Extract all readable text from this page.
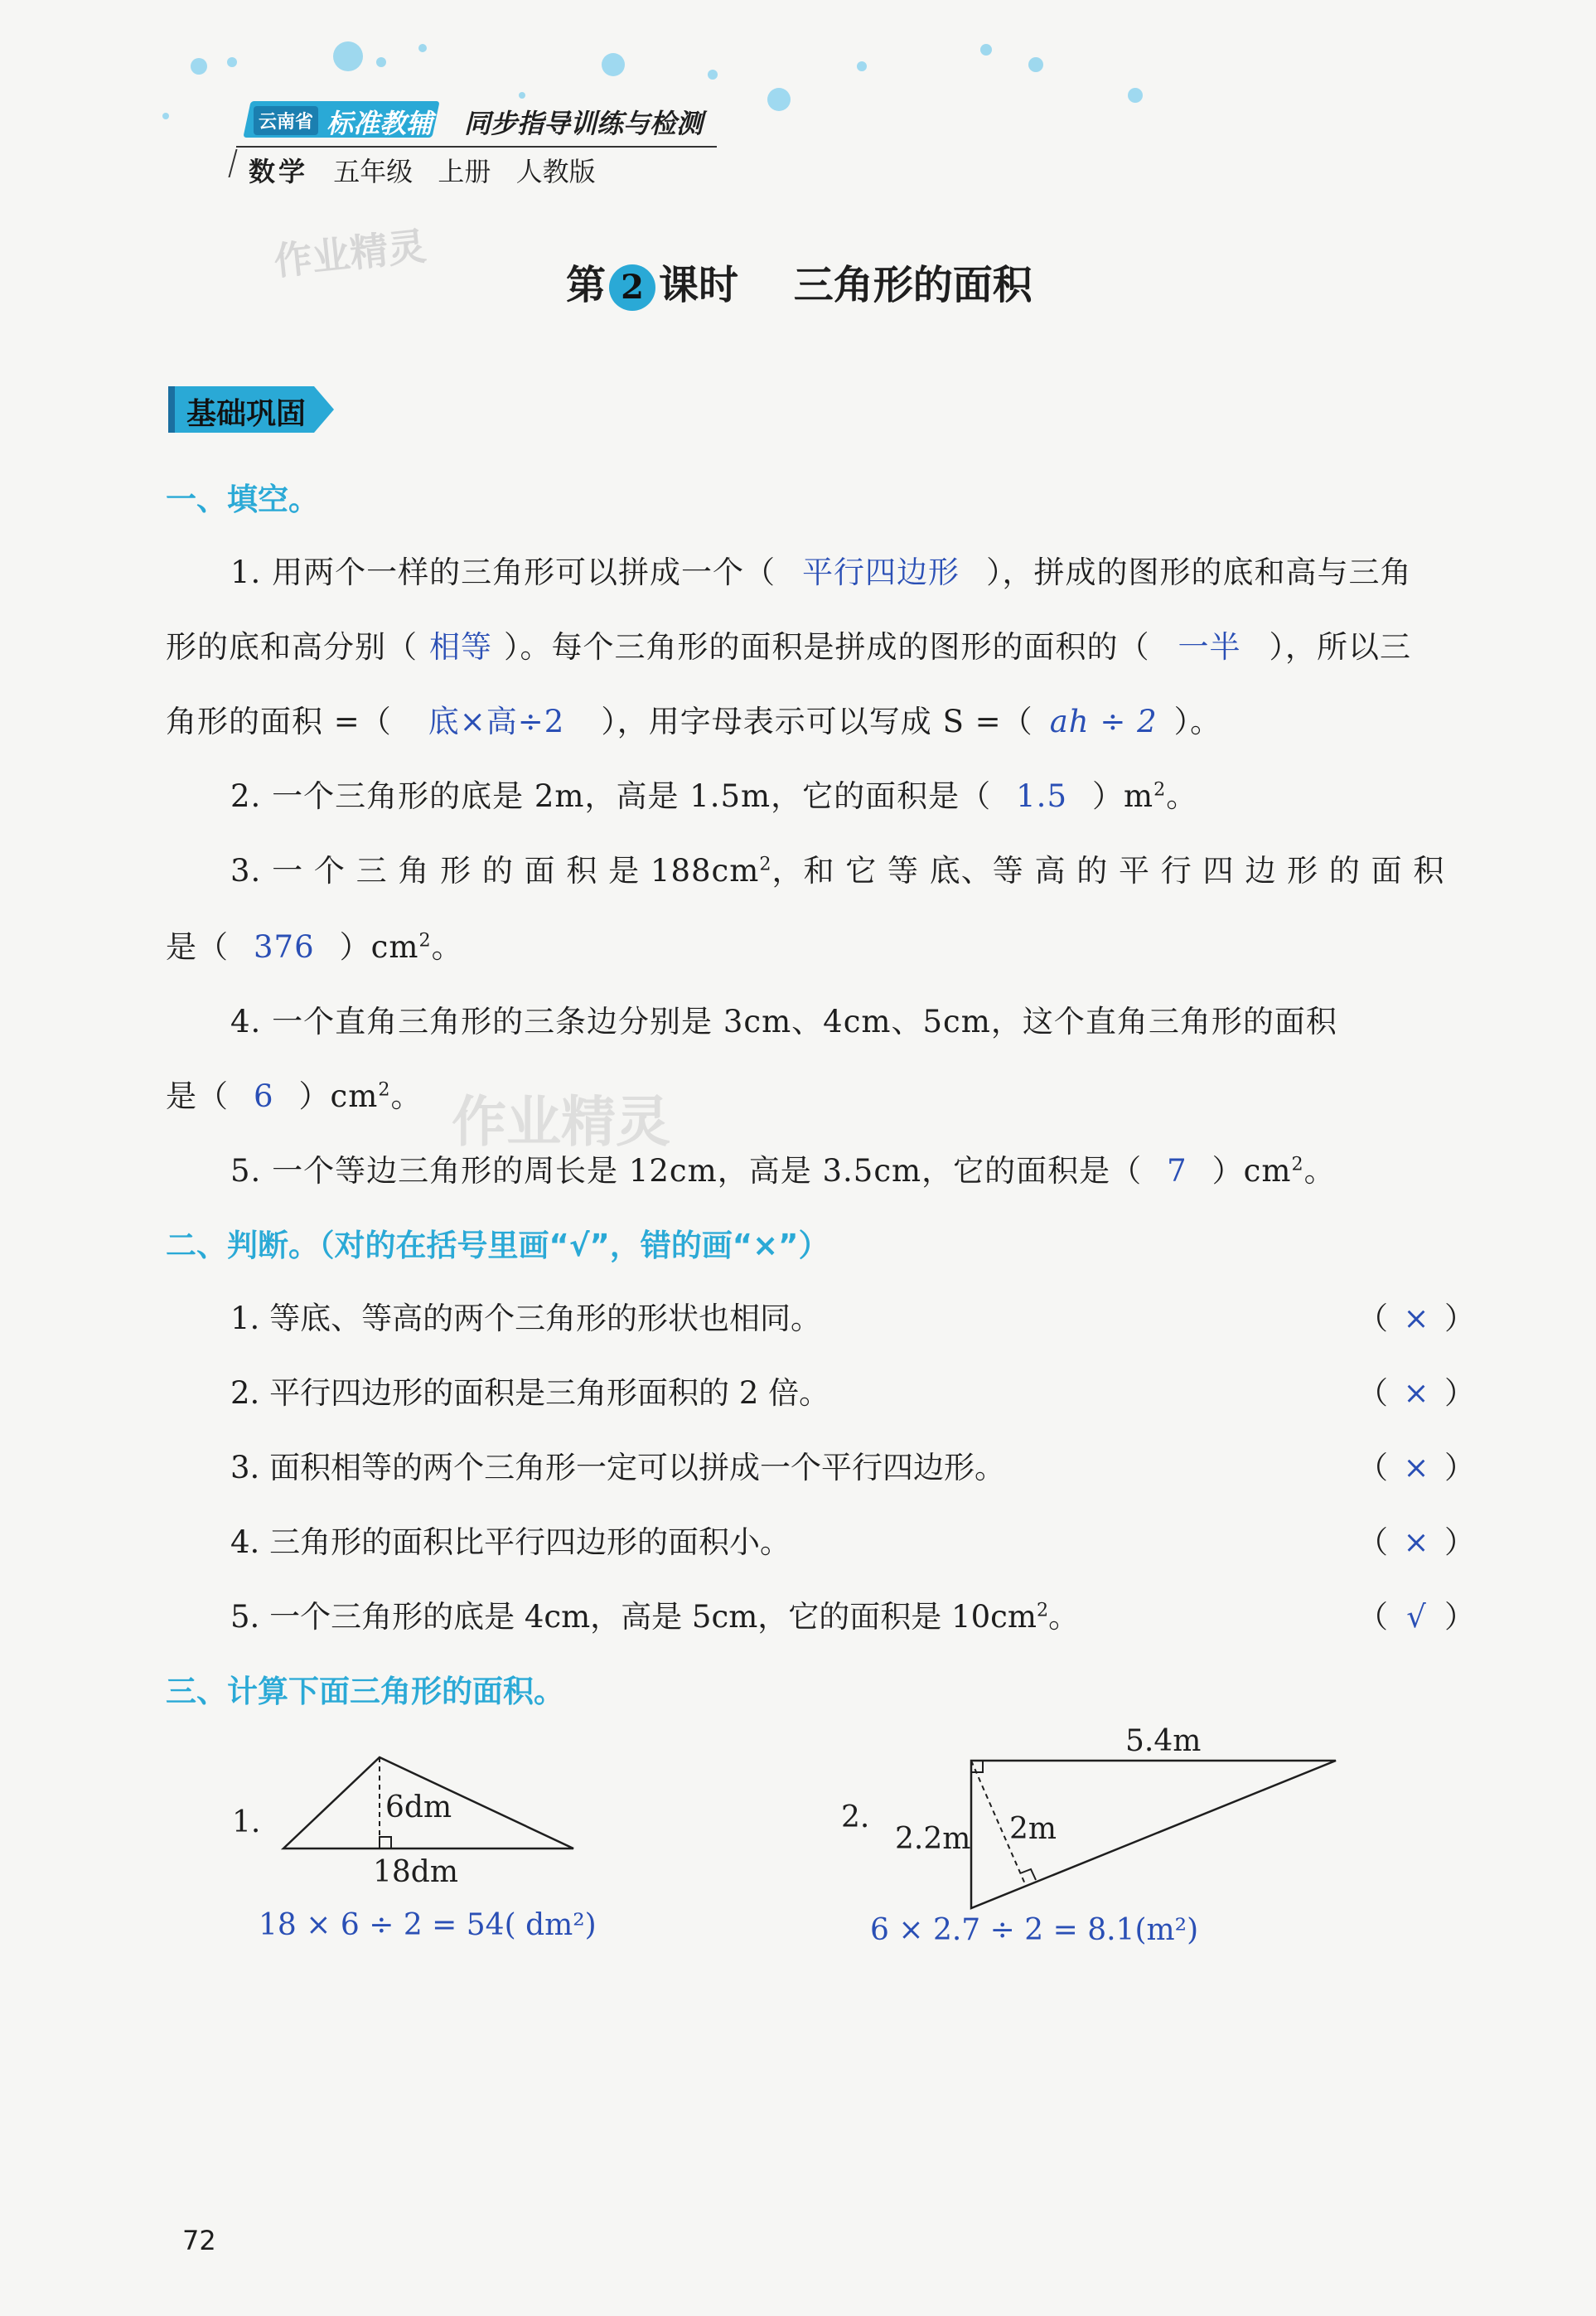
云南省 标准教辅 同步指导训练与检测
数学 五年级 上册 人教版
作业精灵
第 2 课时 三角形的面积
基础巩固
一、填空。
1. 用两个一样的三角形可以拼成一个（ 平行四边形 ），拼成的图形的底和高与三角
形的底和高分别（ 相等 ）。每个三角形的面积是拼成的图形的面积的（ 一半 ），所以三
角形的面积 =（ 底×高÷2 ），用字母表示可以写成 S =（ ah ÷ 2 ）。
2. 一个三角形的底是 2m，高是 1.5m，它的面积是（ 1.5 ）$m^2$。
3. 一 个 三 角 形 的 面 积 是 $188cm^2$，和 它 等 底、等 高 的 平 行 四 边 形 的 面 积
是（ 376 ）$cm^2$。
4. 一个直角三角形的三条边分别是 3cm、4cm、5cm，这个直角三角形的面积
是（ 6 ）$cm^2$。 作业精灵
5. 一个等边三角形的周长是 12cm，高是 3.5cm，它的面积是（ 7 ）$cm^2$。
二、判断。（对的在括号里画“√”，错的画“×”）
1. 等底、等高的两个三角形的形状也相同。	（ × ）
2. 平行四边形的面积是三角形面积的 2 倍。	（ × ）
3. 面积相等的两个三角形一定可以拼成一个平行四边形。	（ × ）
4. 三角形的面积比平行四边形的面积小。	（ × ）
5. 一个三角形的底是 4cm，高是 5cm，它的面积是 $10cm^2$。	（ √ ）
三、计算下面三角形的面积。
1.	6dm
18dm
18 × 6 ÷ 2 = 54( dm²)
2.
5.4m
2.2m 2m
6 × 2.7 ÷ 2 = 8.1(m²)
72
